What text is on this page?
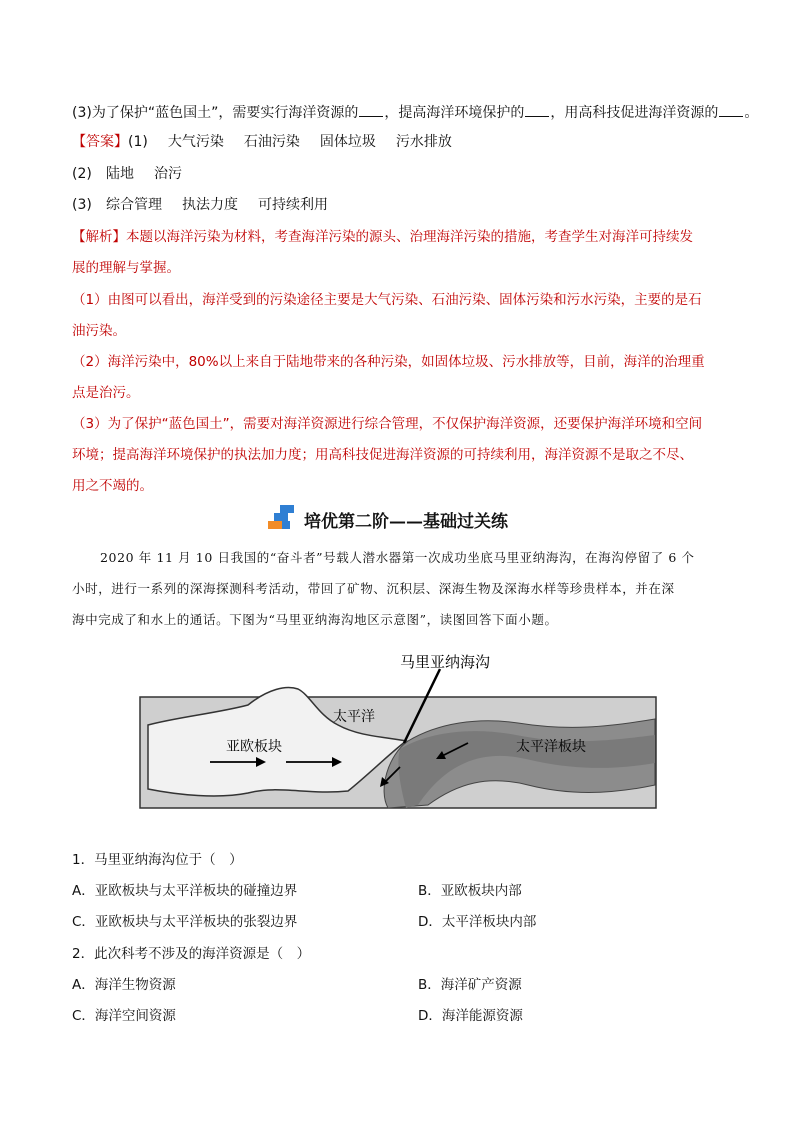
(3)为了保护“蓝色国土”，需要实行海洋资源的 ，提高海洋环境保护的 ，用高科技促进海洋资源的 。
【答案】(1) 大气污染 石油污染 固体垃圾 污水排放
(2) 陆地 治污
(3) 综合管理 执法力度 可持续利用
【解析】本题以海洋污染为材料，考查海洋污染的源头、治理海洋污染的措施，考查学生对海洋可持续发
展的理解与掌握。
（1）由图可以看出，海洋受到的污染途径主要是大气污染、石油污染、固体污染和污水污染，主要的是石
油污染。
（2）海洋污染中，80%以上来自于陆地带来的各种污染，如固体垃圾、污水排放等，目前，海洋的治理重
点是治污。
（3）为了保护“蓝色国土”，需要对海洋资源进行综合管理，不仅保护海洋资源，还要保护海洋环境和空间
环境；提高海洋环境保护的执法加力度；用高科技促进海洋资源的可持续利用，海洋资源不是取之不尽、
用之不竭的。
培优第二阶——基础过关练
2020 年 11 月 10 日我国的“奋斗者”号载人潜水器第一次成功坐底马里亚纳海沟，在海沟停留了 6 个
小时，进行一系列的深海探测科考活动，带回了矿物、沉积层、深海生物及深海水样等珍贵样本，并在深
海中完成了和水上的通话。下图为“马里亚纳海沟地区示意图”，读图回答下面小题。
马里亚纳海沟
太平洋
亚欧板块	太平洋板块
1．马里亚纳海沟位于（　）
A．亚欧板块与太平洋板块的碰撞边界	B．亚欧板块内部
C．亚欧板块与太平洋板块的张裂边界	D．太平洋板块内部
2．此次科考不涉及的海洋资源是（　）
A．海洋生物资源	B．海洋矿产资源
C．海洋空间资源	D．海洋能源资源
